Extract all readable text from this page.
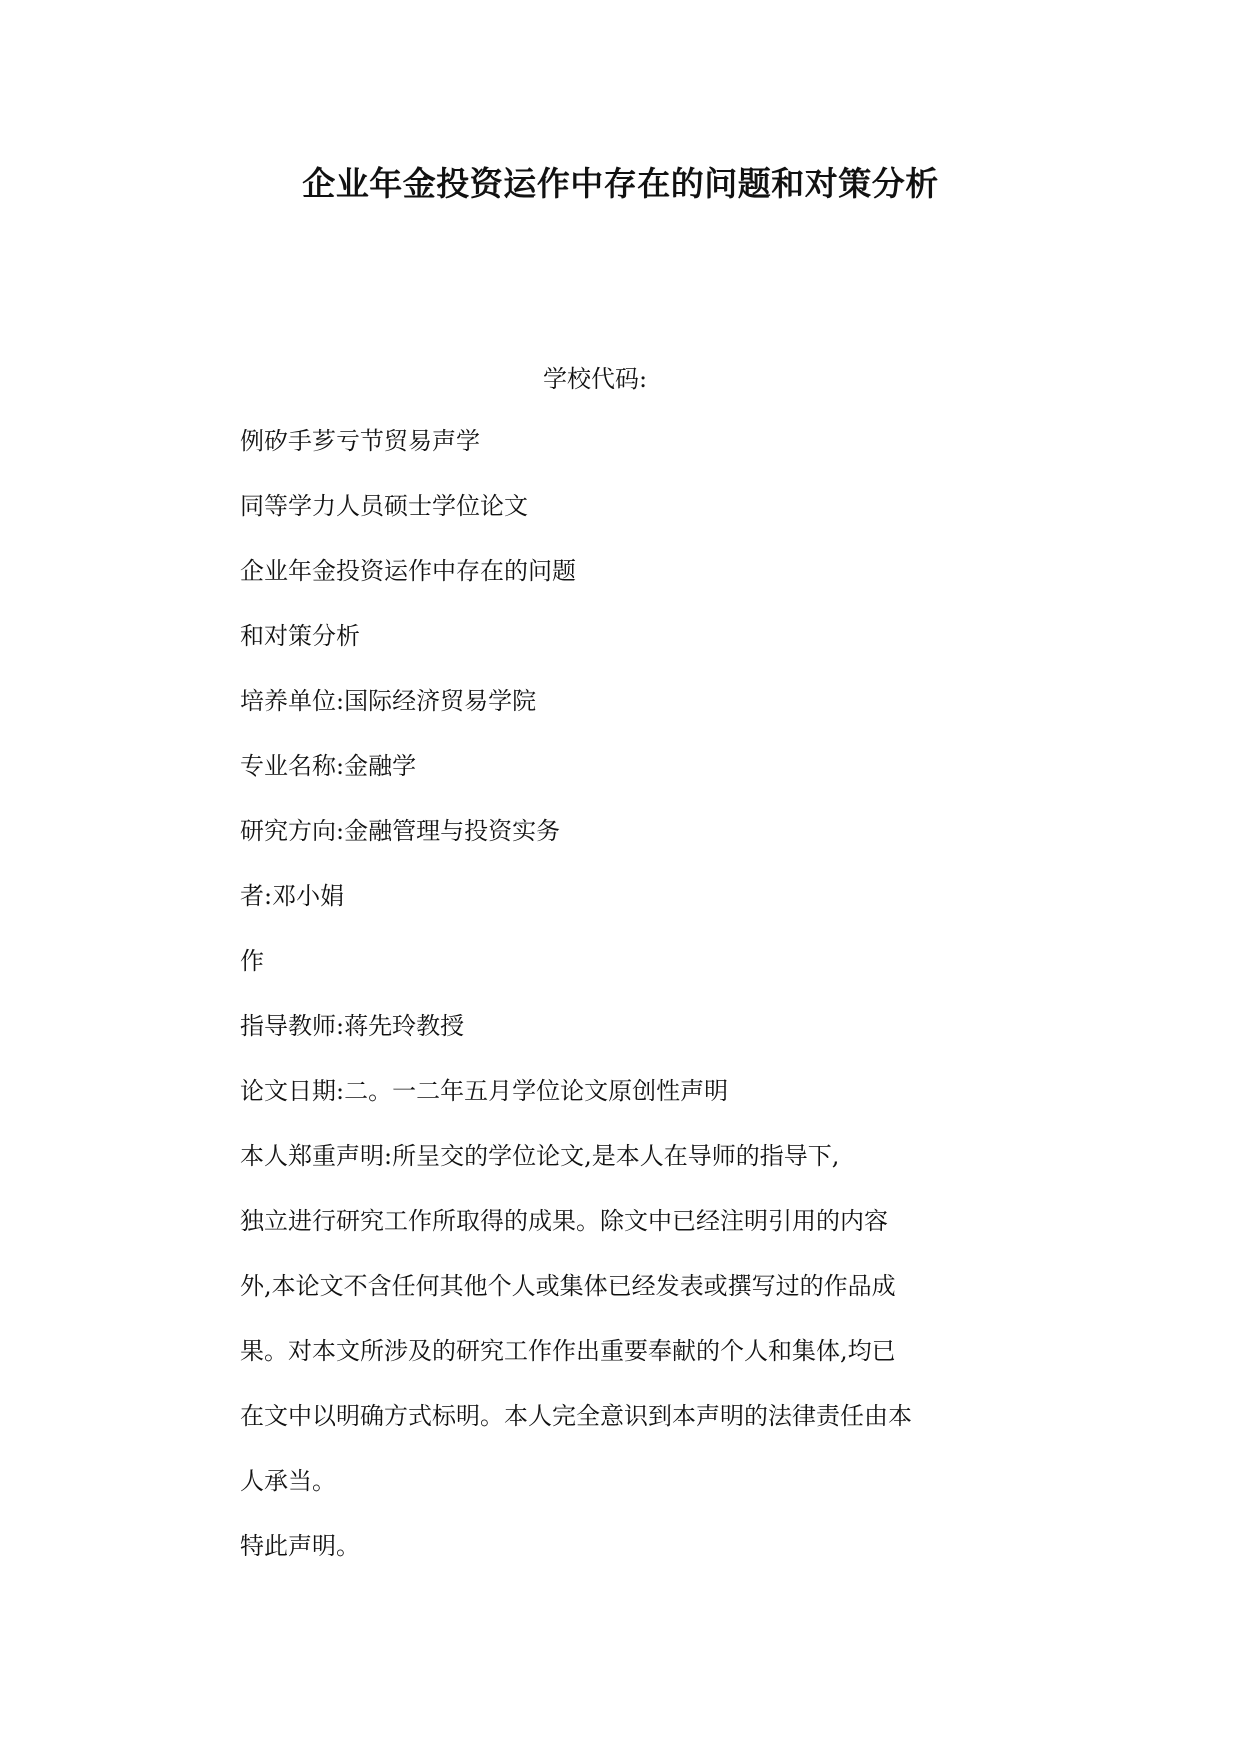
企业年金投资运作中存在的问题和对策分析
学校代码:
例矽手芗亏节贸易声学
同等学力人员硕士学位论文
企业年金投资运作中存在的问题
和对策分析
培养单位:国际经济贸易学院
专业名称:金融学
研究方向:金融管理与投资实务
者:邓小娟
作
指导教师:蒋先玲教授
论文日期:二。一二年五月学位论文原创性声明
本人郑重声明:所呈交的学位论文,是本人在导师的指导下,
独立进行研究工作所取得的成果。除文中已经注明引用的内容
外,本论文不含任何其他个人或集体已经发表或撰写过的作品成
果。对本文所涉及的研究工作作出重要奉献的个人和集体,均已
在文中以明确方式标明。本人完全意识到本声明的法律责任由本
人承当。
特此声明。
